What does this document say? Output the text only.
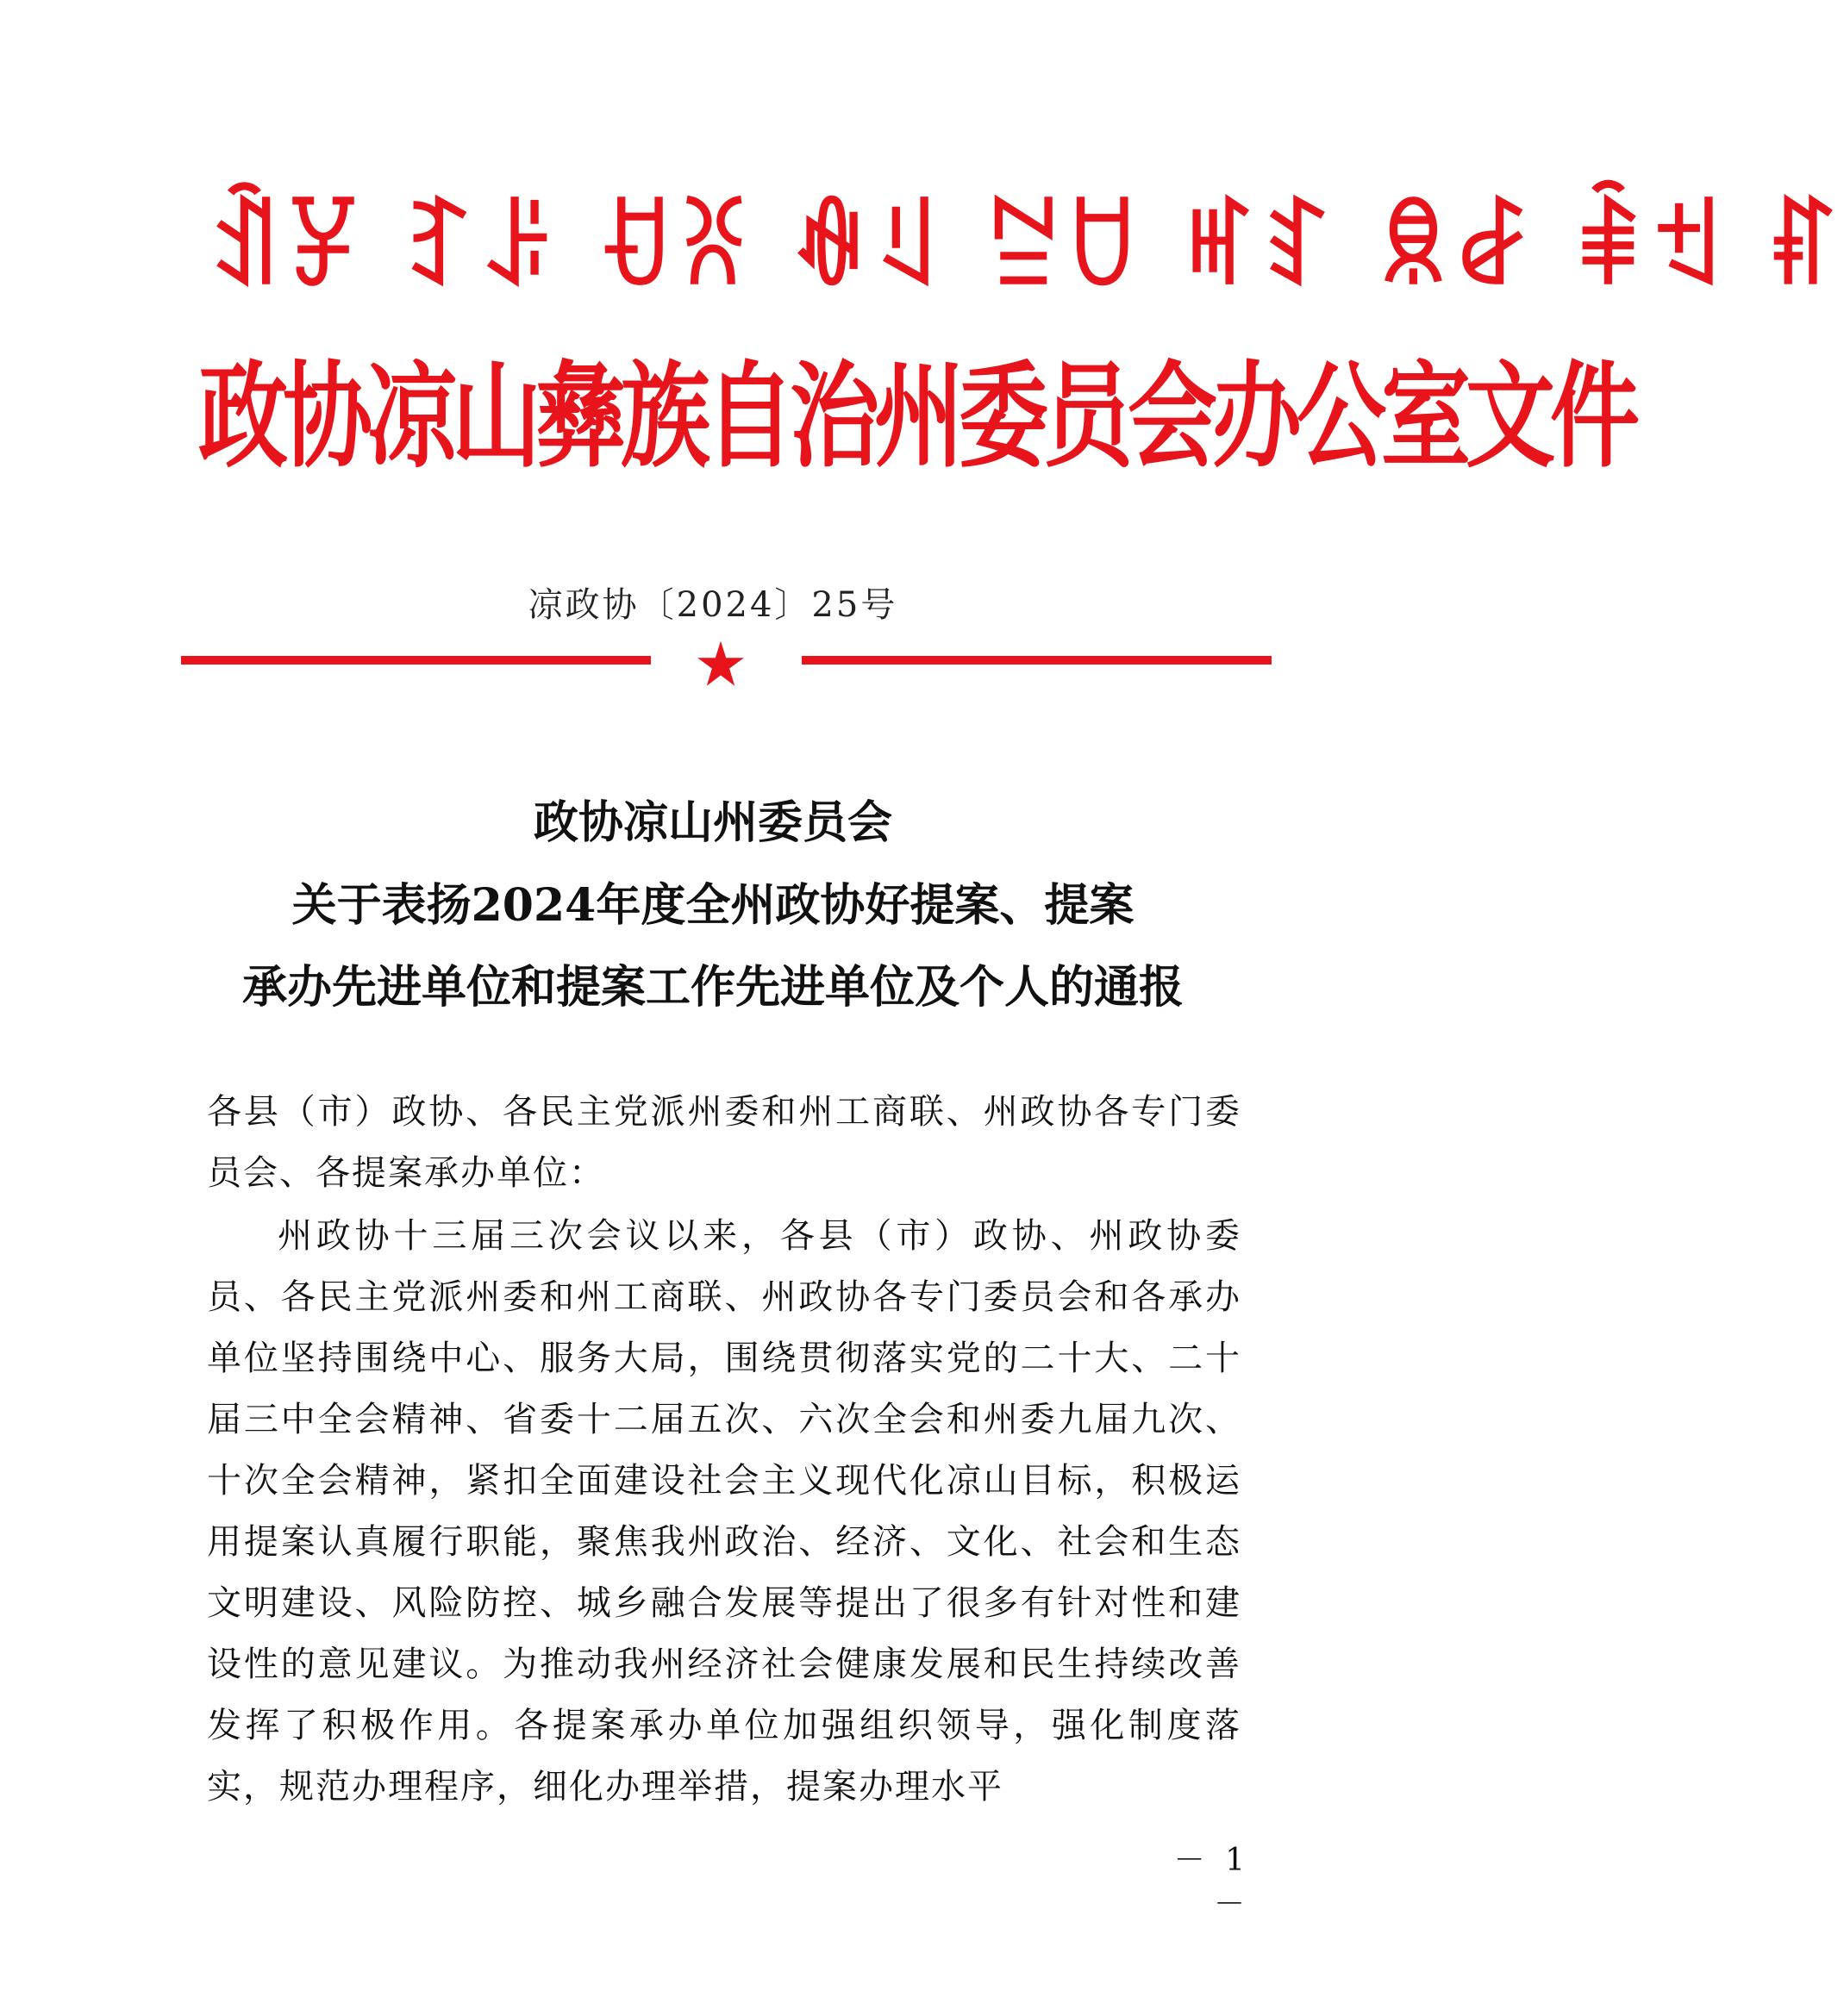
ꀉꐯ ꆈꌠ ꀀꐦ ꊿꆹ ꊂꇴ ꎭꆏ ꌋꆀ ꑋꉬ ꐥ
政协凉山彝族自治州委员会办公室文件
凉政协〔2024〕25号
政协凉山州委员会
关于表扬2024年度全州政协好提案、提案
承办先进单位和提案工作先进单位及个人的通报
各县（市）政协、各民主党派州委和州工商联、州政协各专门委员会、各提案承办单位：
州政协十三届三次会议以来，各县（市）政协、州政协委员、各民主党派州委和州工商联、州政协各专门委员会和各承办单位坚持围绕中心、服务大局，围绕贯彻落实党的二十大、二十届三中全会精神、省委十二届五次、六次全会和州委九届九次、十次全会精神，紧扣全面建设社会主义现代化凉山目标，积极运用提案认真履行职能，聚焦我州政治、经济、文化、社会和生态文明建设、风险防控、城乡融合发展等提出了很多有针对性和建设性的意见建议。为推动我州经济社会健康发展和民生持续改善发挥了积极作用。各提案承办单位加强组织领导，强化制度落实，规范办理程序，细化办理举措，提案办理水平
－ 1 －
